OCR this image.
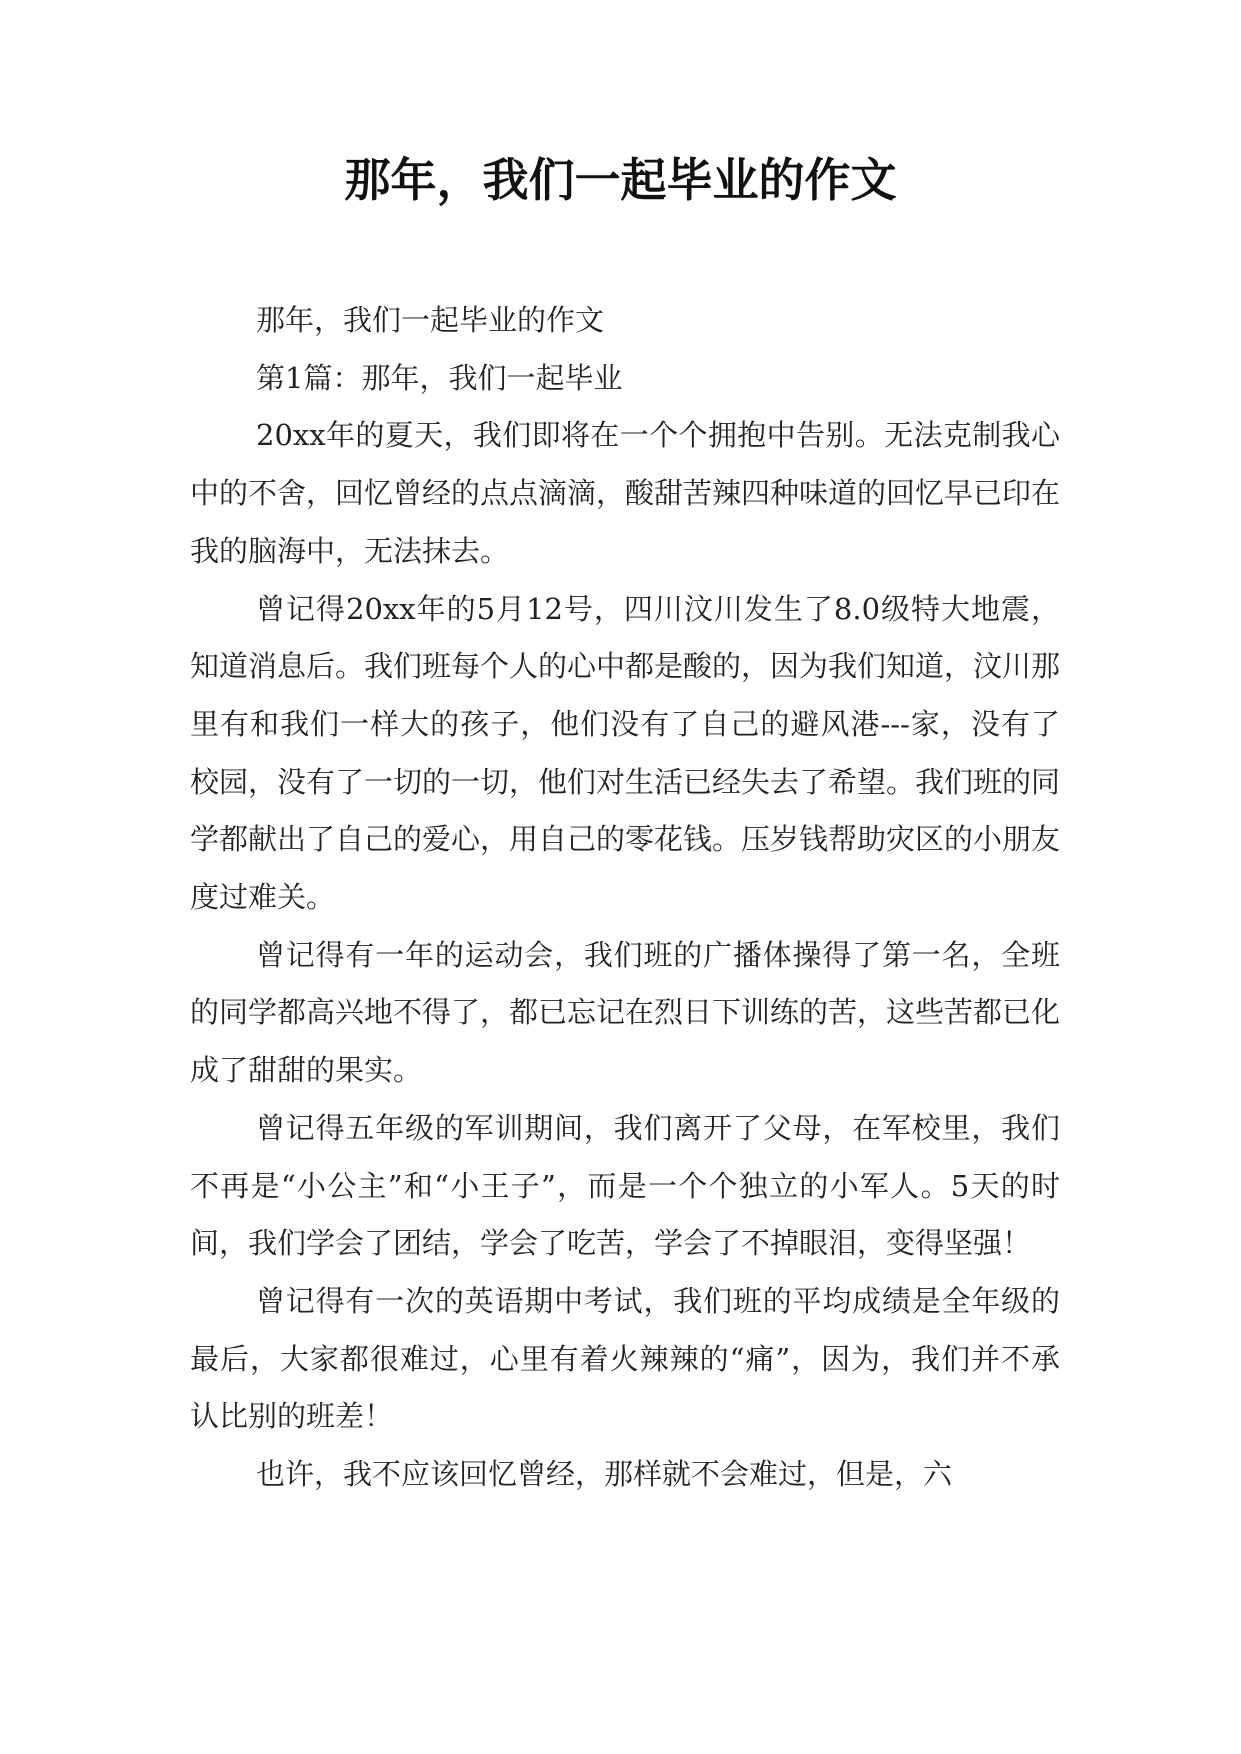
那年，我们一起毕业的作文

那年，我们一起毕业的作文

第1篇：那年，我们一起毕业

20xx年的夏天，我们即将在一个个拥抱中告别。无法克制我心中的不舍，回忆曾经的点点滴滴，酸甜苦辣四种味道的回忆早已印在我的脑海中，无法抹去。

曾记得20xx年的5月12号，四川汶川发生了8.0级特大地震，知道消息后。我们班每个人的心中都是酸的，因为我们知道，汶川那里有和我们一样大的孩子，他们没有了自己的避风港---家，没有了校园，没有了一切的一切，他们对生活已经失去了希望。我们班的同学都献出了自己的爱心，用自己的零花钱。压岁钱帮助灾区的小朋友度过难关。

曾记得有一年的运动会，我们班的广播体操得了第一名，全班的同学都高兴地不得了，都已忘记在烈日下训练的苦，这些苦都已化成了甜甜的果实。

曾记得五年级的军训期间，我们离开了父母，在军校里，我们不再是“小公主”和“小王子”，而是一个个独立的小军人。5天的时间，我们学会了团结，学会了吃苦，学会了不掉眼泪，变得坚强！

曾记得有一次的英语期中考试，我们班的平均成绩是全年级的最后，大家都很难过，心里有着火辣辣的“痛”，因为，我们并不承认比别的班差！

也许，我不应该回忆曾经，那样就不会难过，但是，六
